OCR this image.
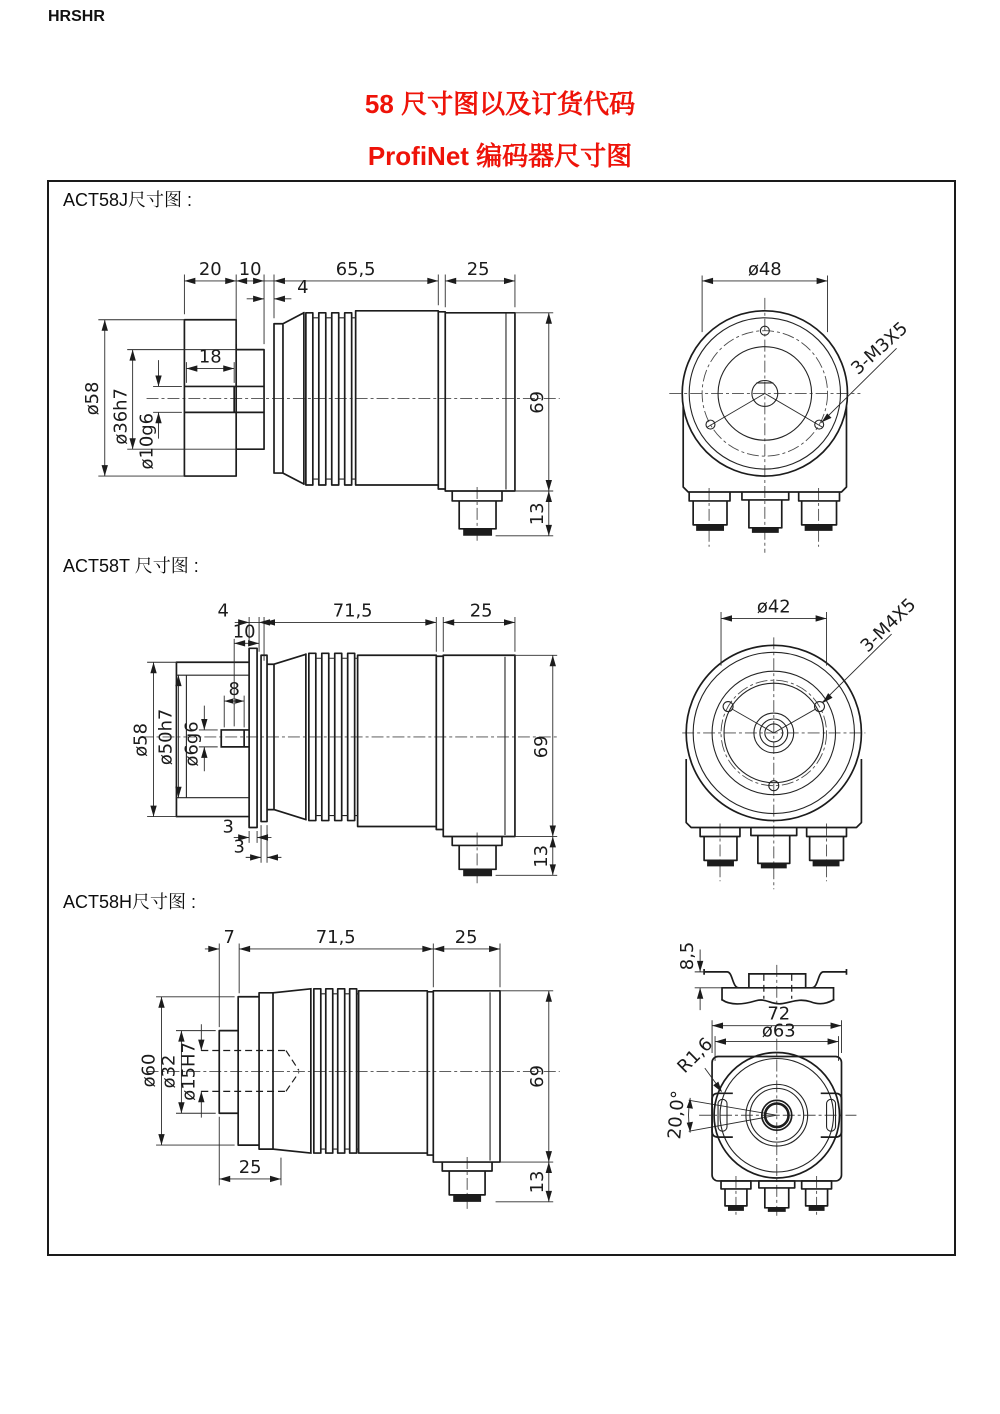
HRSHR
58 尺寸图以及订货代码
ProfiNet 编码器尺寸图
ACT58J尺寸图 :
ACT58T 尺寸图 :
ACT58H尺寸图 :
20 10	65,5	25
4
18
ø58 ø36h7 ø10g6
69
13
ø48
3-M3X5
4	71,5	25
10
8
ø58 ø50h7 ø6g6
3
3
69
13
ø42	3-M4X5
7	71,5	25
ø60
ø32
ø15H7
25
69
13
8,5
72
ø63
R1,6
20,0°
